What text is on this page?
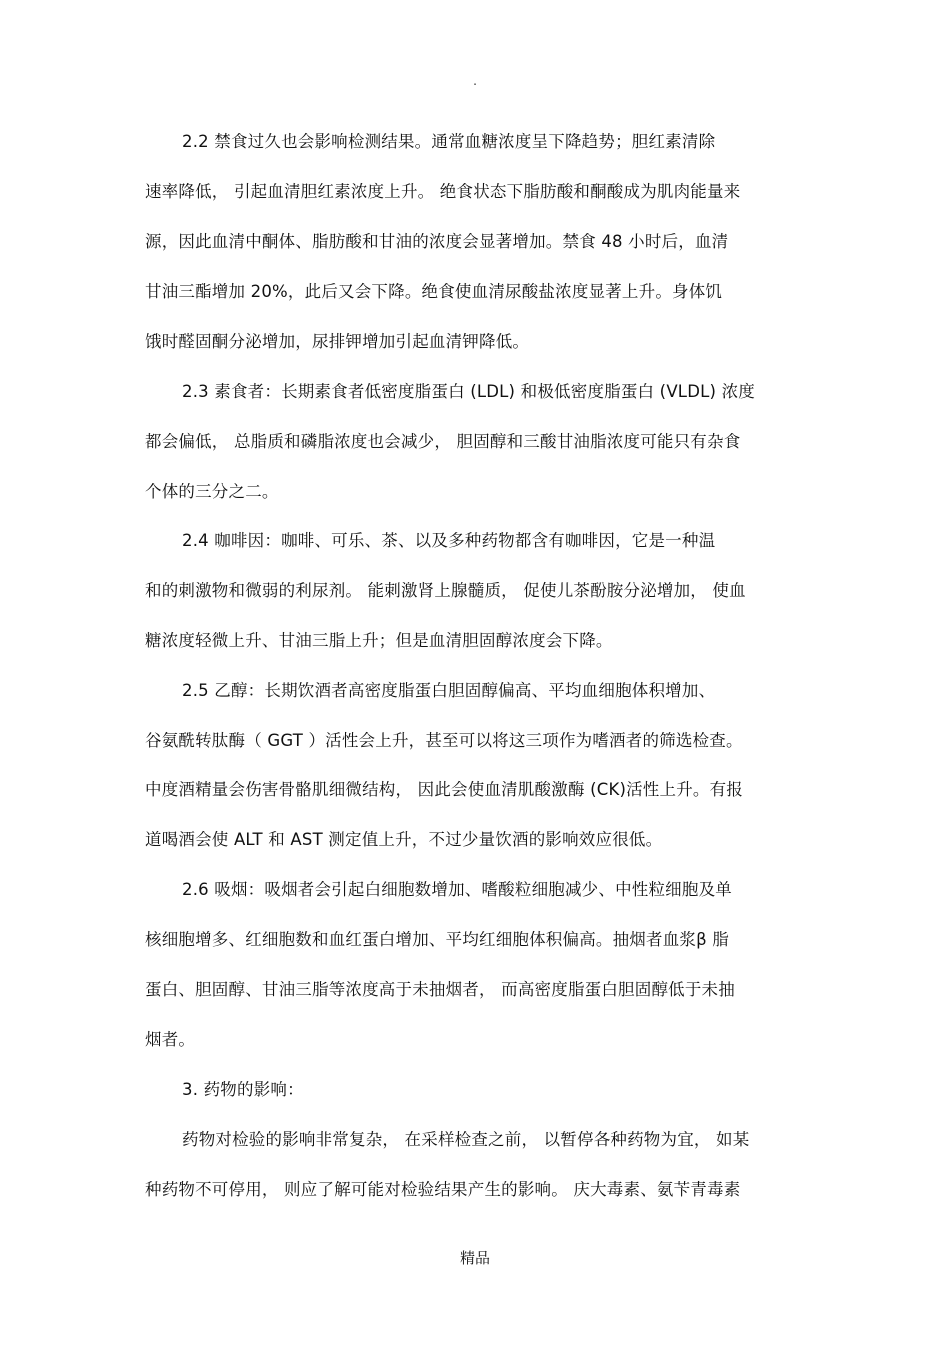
.
2.2 禁食过久也会影响检测结果。通常血糖浓度呈下降趋势；胆红素清除
速率降低， 引起血清胆红素浓度上升。 绝食状态下脂肪酸和酮酸成为肌肉能量来
源，因此血清中酮体、脂肪酸和甘油的浓度会显著增加。禁食 48 小时后，血清
甘油三酯增加 20%，此后又会下降。绝食使血清尿酸盐浓度显著上升。身体饥
饿时醛固酮分泌增加，尿排钾增加引起血清钾降低。
2.3 素食者：长期素食者低密度脂蛋白 (LDL) 和极低密度脂蛋白 (VLDL) 浓度
都会偏低， 总脂质和磷脂浓度也会减少， 胆固醇和三酸甘油脂浓度可能只有杂食
个体的三分之二。
2.4 咖啡因：咖啡、可乐、茶、以及多种药物都含有咖啡因，它是一种温
和的刺激物和微弱的利尿剂。 能刺激肾上腺髓质， 促使儿茶酚胺分泌增加， 使血
糖浓度轻微上升、甘油三脂上升；但是血清胆固醇浓度会下降。
2.5 乙醇：长期饮酒者高密度脂蛋白胆固醇偏高、平均血细胞体积增加、
谷氨酰转肽酶（ GGT ）活性会上升，甚至可以将这三项作为嗜酒者的筛选检查。
中度酒精量会伤害骨骼肌细微结构， 因此会使血清肌酸激酶 (CK)活性上升。有报
道喝酒会使 ALT 和 AST 测定值上升，不过少量饮酒的影响效应很低。
2.6 吸烟：吸烟者会引起白细胞数增加、嗜酸粒细胞减少、中性粒细胞及单
核细胞增多、红细胞数和血红蛋白增加、平均红细胞体积偏高。抽烟者血浆β 脂
蛋白、胆固醇、甘油三脂等浓度高于未抽烟者， 而高密度脂蛋白胆固醇低于未抽
烟者。
3. 药物的影响：
药物对检验的影响非常复杂， 在采样检查之前， 以暂停各种药物为宜， 如某
种药物不可停用， 则应了解可能对检验结果产生的影响。 庆大毒素、氨苄青毒素
精品
